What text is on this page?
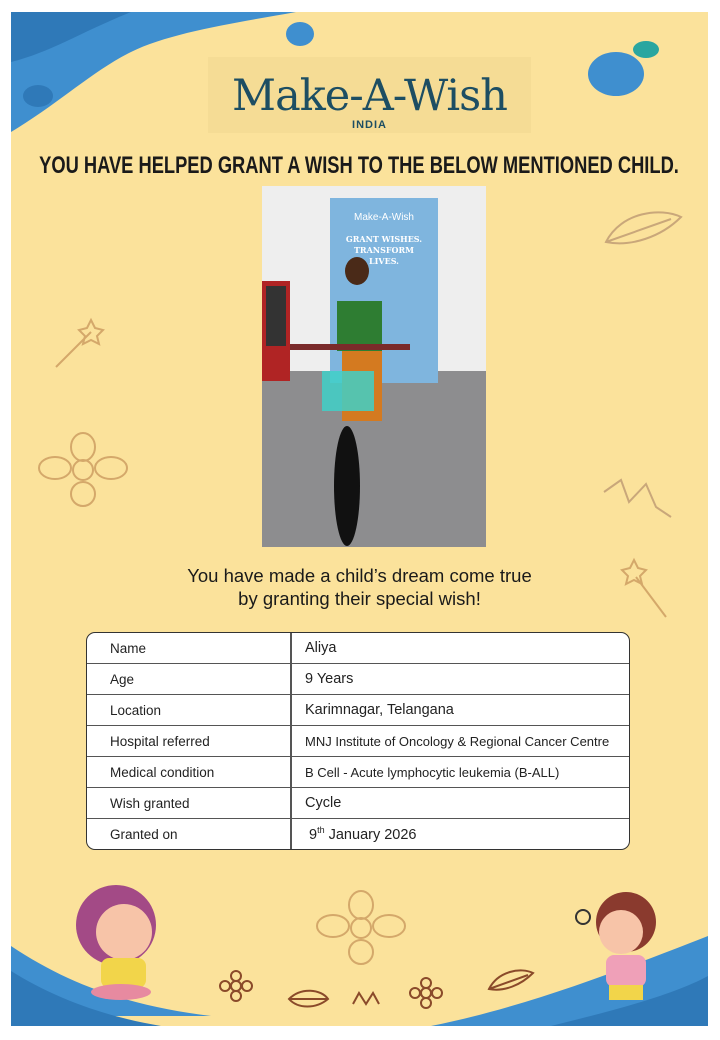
Make-A-Wish
INDIA
YOU HAVE HELPED GRANT A WISH TO THE BELOW MENTIONED CHILD.
Make-A-Wish
GRANT WISHES. TRANSFORM LIVES.
You have made a child’s dream come true
by granting their special wish!
Name	Aliya
Age	9 Years
Location	Karimnagar, Telangana
Hospital referred	MNJ Institute of Oncology & Regional Cancer Centre
Medical condition	B Cell - Acute lymphocytic leukemia (B-ALL)
Wish granted	Cycle
Granted on	9th January 2026
